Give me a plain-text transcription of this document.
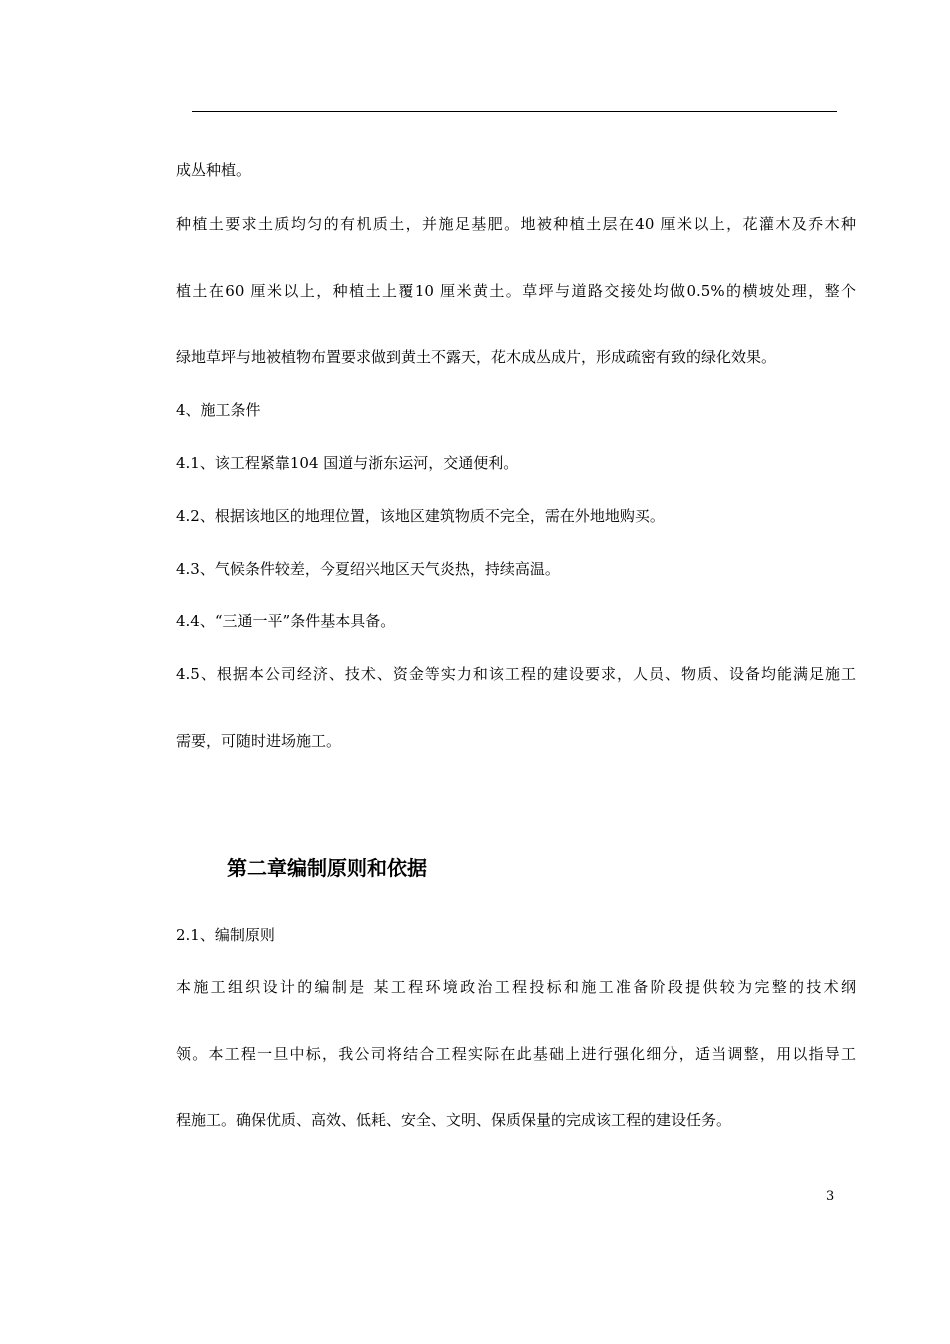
成丛种植。
种植土要求土质均匀的有机质土，并施足基肥。地被种植土层在40 厘米以上，花灌木及乔木种
植土在60 厘米以上，种植土上覆10 厘米黄土。草坪与道路交接处均做0.5%的横坡处理，整个
绿地草坪与地被植物布置要求做到黄土不露天，花木成丛成片，形成疏密有致的绿化效果。
4、施工条件
4.1、该工程紧靠104 国道与浙东运河，交通便利。
4.2、根据该地区的地理位置，该地区建筑物质不完全，需在外地地购买。
4.3、气候条件较差，今夏绍兴地区天气炎热，持续高温。
4.4、“三通一平”条件基本具备。
4.5、根据本公司经济、技术、资金等实力和该工程的建设要求，人员、物质、设备均能满足施工
需要，可随时进场施工。
第二章编制原则和依据
2.1、编制原则
本施工组织设计的编制是 某工程环境政治工程投标和施工准备阶段提供较为完整的技术纲
领。本工程一旦中标，我公司将结合工程实际在此基础上进行强化细分，适当调整，用以指导工
程施工。确保优质、高效、低耗、安全、文明、保质保量的完成该工程的建设任务。
3
